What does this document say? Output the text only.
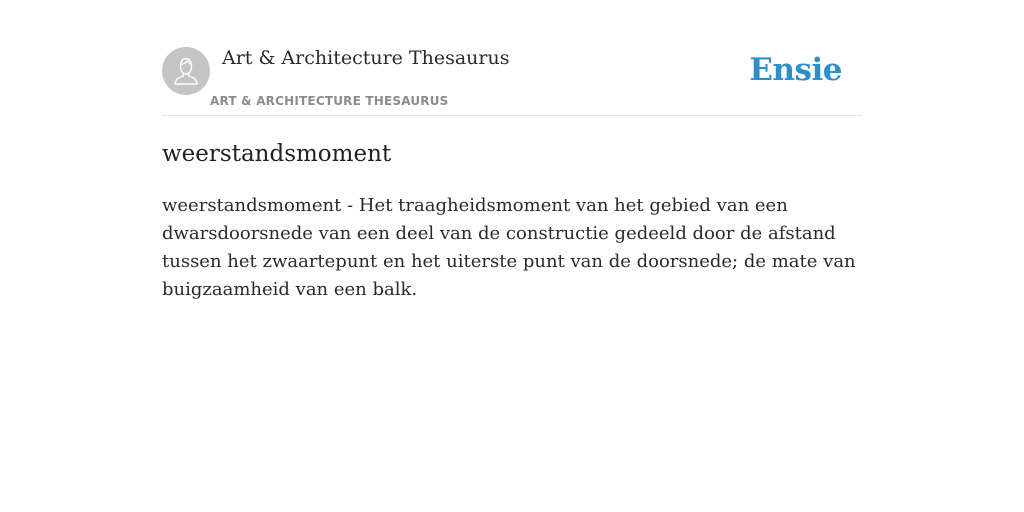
Art & Architecture Thesaurus
ART & ARCHITECTURE THESAURUS
Ensie
weerstandsmoment

weerstandsmoment - Het traagheidsmoment van het gebied van een dwarsdoorsnede van een deel van de constructie gedeeld door de afstand tussen het zwaartepunt en het uiterste punt van de doorsnede; de mate van buigzaamheid van een balk.
